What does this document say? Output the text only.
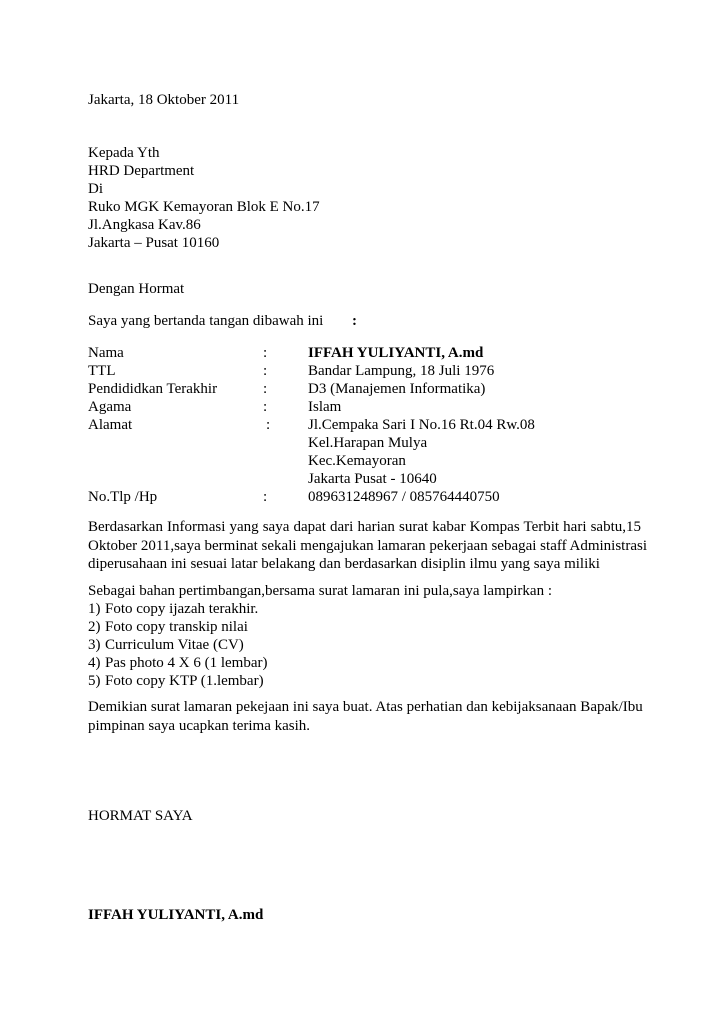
Jakarta, 18 Oktober 2011
Kepada Yth
HRD Department
Di
Ruko MGK Kemayoran Blok E No.17
Jl.Angkasa Kav.86
Jakarta – Pusat 10160
Dengan Hormat
Saya yang bertanda tangan dibawah ini :
Nama	:	IFFAH YULIYANTI, A.md
TTL	:	Bandar Lampung, 18 Juli 1976
Pendididkan Terakhir	:	D3 (Manajemen Informatika)
Agama	:	Islam
Alamat	:	Jl.Cempaka Sari I No.16 Rt.04 Rw.08
Kel.Harapan Mulya
Kec.Kemayoran
Jakarta Pusat - 10640
No.Tlp /Hp	:	089631248967 / 085764440750
Berdasarkan Informasi yang saya dapat dari harian surat kabar Kompas Terbit hari sabtu,15
Oktober 2011,saya berminat sekali mengajukan lamaran pekerjaan sebagai staff Administrasi
diperusahaan ini sesuai latar belakang dan berdasarkan disiplin ilmu yang saya miliki
Sebagai bahan pertimbangan,bersama surat lamaran ini pula,saya lampirkan :
1) Foto copy ijazah terakhir.
2) Foto copy transkip nilai
3) Curriculum Vitae (CV)
4) Pas photo 4 X 6 (1 lembar)
5) Foto copy KTP (1.lembar)
Demikian surat lamaran pekejaan ini saya buat. Atas perhatian dan kebijaksanaan Bapak/Ibu
pimpinan saya ucapkan terima kasih.
HORMAT SAYA
IFFAH YULIYANTI, A.md
